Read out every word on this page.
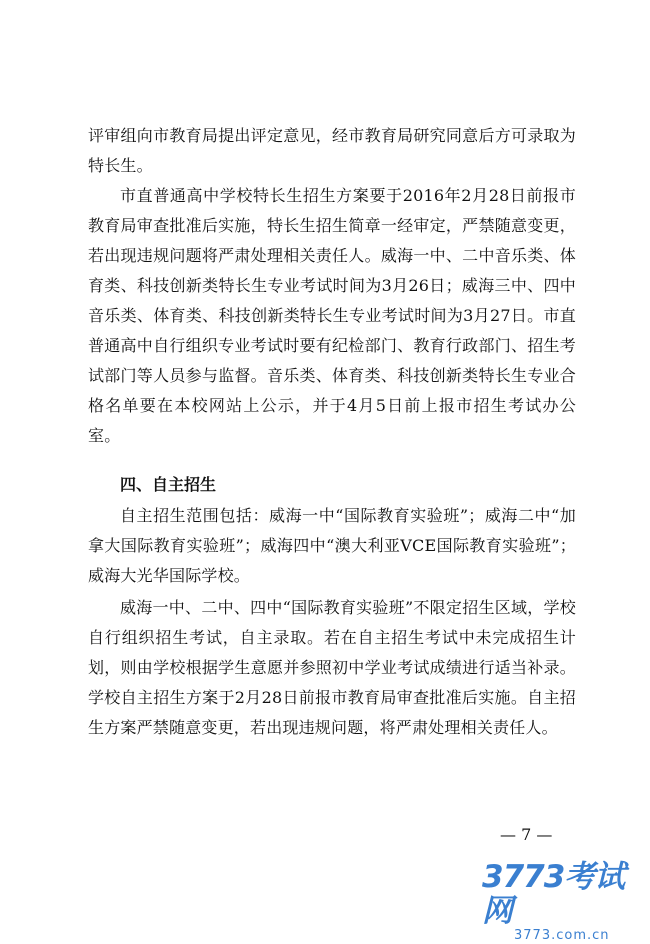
评审组向市教育局提出评定意见，经市教育局研究同意后方可录取为特长生。

市直普通高中学校特长生招生方案要于2016年2月28日前报市教育局审查批准后实施，特长生招生简章一经审定，严禁随意变更，若出现违规问题将严肃处理相关责任人。威海一中、二中音乐类、体育类、科技创新类特长生专业考试时间为3月26日；威海三中、四中音乐类、体育类、科技创新类特长生专业考试时间为3月27日。市直普通高中自行组织专业考试时要有纪检部门、教育行政部门、招生考试部门等人员参与监督。音乐类、体育类、科技创新类特长生专业合格名单要在本校网站上公示，并于4月5日前上报市招生考试办公室。

四、自主招生

自主招生范围包括：威海一中“国际教育实验班”；威海二中“加拿大国际教育实验班”；威海四中“澳大利亚VCE国际教育实验班”；威海大光华国际学校。

威海一中、二中、四中“国际教育实验班”不限定招生区域，学校自行组织招生考试，自主录取。若在自主招生考试中未完成招生计划，则由学校根据学生意愿并参照初中学业考试成绩进行适当补录。学校自主招生方案于2月28日前报市教育局审查批准后实施。自主招生方案严禁随意变更，若出现违规问题，将严肃处理相关责任人。

— 7 —
3773考试网
3773.com.cn
